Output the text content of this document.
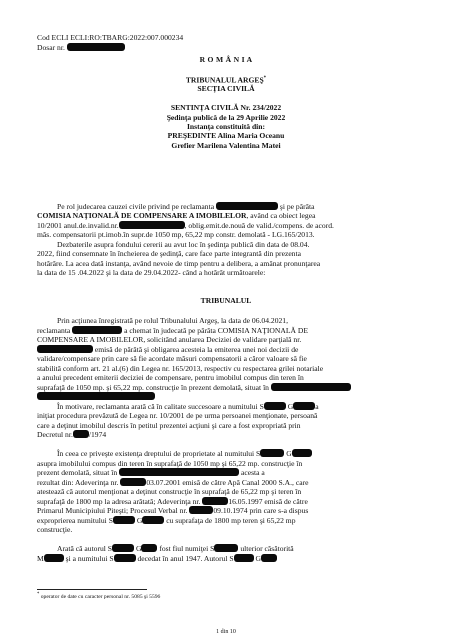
Cod ECLI ECLI:RO:TBARG:2022:007.000234
Dosar nr.
R O M Â N I A
TRIBUNALUL ARGEŞ*
SECŢIA CIVILĂ
SENTINŢA CIVILĂ Nr. 234/2022
Şedinţa publică de la 29 Aprilie 2022
Instanţa constituită din:
PREŞEDINTE Alina Maria Oceanu
Grefier Marilena Valentina Matei
Pe rol judecarea cauzei civile privind pe reclamanta	şi pe pârâta
COMISIA NAŢIONALĂ DE COMPENSARE A IMOBILELOR, având ca obiect legea
10/2001 anul.de.invalid.nr.	, oblig.emit.de.nouă de valid./compens. de acord.
măs. compensatorii pt.imob.în supr.de 1050 mp, 65,22 mp constr. demolată - LG.165/2013.
Dezbaterile asupra fondului cererii au avut loc în şedinţa publică din data de 08.04.
2022, fiind consemnate în încheierea de şedinţă, care face parte integrantă din prezenta
hotărâre. La acea dată instanţa, având nevoie de timp pentru a delibera, a amânat pronunţarea
la data de 15 .04.2022 şi la data de 29.04.2022- când a hotărât următoarele:
TRIBUNALUL
Prin acţiunea înregistrată pe rolul Tribunalului Argeş, la data de 06.04.2021,
reclamanta	a chemat în judecată pe pârâta COMISIA NAŢIONALĂ DE
COMPENSARE A IMOBILELOR, solicitând anularea Deciziei de validare parţială nr.
emisă de pârâtă şi obligarea acesteia la emiterea unei noi decizii de
validare/compensare prin care să fie acordate măsuri compensatorii a căror valoare să fie
stabilită conform art. 21 al.(6) din Legea nr. 165/2013, respectiv cu respectarea grilei notariale
a anului precedent emiterii deciziei de compensare, pentru imobilul compus din teren în
suprafaţă de 1050 mp. şi 65,22 mp. construcţie în prezent demolată, situat în
În motivare, reclamanta arată că în calitate succesoare a numitului S	G	a
iniţiat procedura prevăzută de Legea nr. 10/2001 de pe urma persoanei menţionate, persoană
care a deţinut imobilul descris în petitul prezentei acţiuni şi care a fost expropriată prin
Decretul nr. /1974
În ceea ce priveşte existenţa dreptului de proprietate al numitului S	G
asupra imobilului compus din teren în suprafaţă de 1050 mp şi 65,22 mp. construcţie în
prezent demolată, situat în	acesta a
rezultat din: Adeverinţa nr.	03.07.2001 emisă de către Apă Canal 2000 S.A., care
atestează că autorul menţionat a deţinut construcţie în suprafaţă de 65,22 mp şi teren în
suprafaţă de 1800 mp la adresa arătată; Adeverinţa nr.	16.05.1997 emisă de către
Primarul Municipiului Piteşti; Procesul Verbal nr.	09.10.1974 prin care s-a dispus
exproprierea numitului S	G	cu suprafaţa de 1800 mp teren şi 65,22 mp
construcţie.
Arată că autorul S	G fost fiul numiţei S	ulterior căsătorită
M	şi a numitului S	decedat în anul 1947. Autorul S	G
* operator de date cu caracter personal nr. 5085 şi 5596
1 din 10
